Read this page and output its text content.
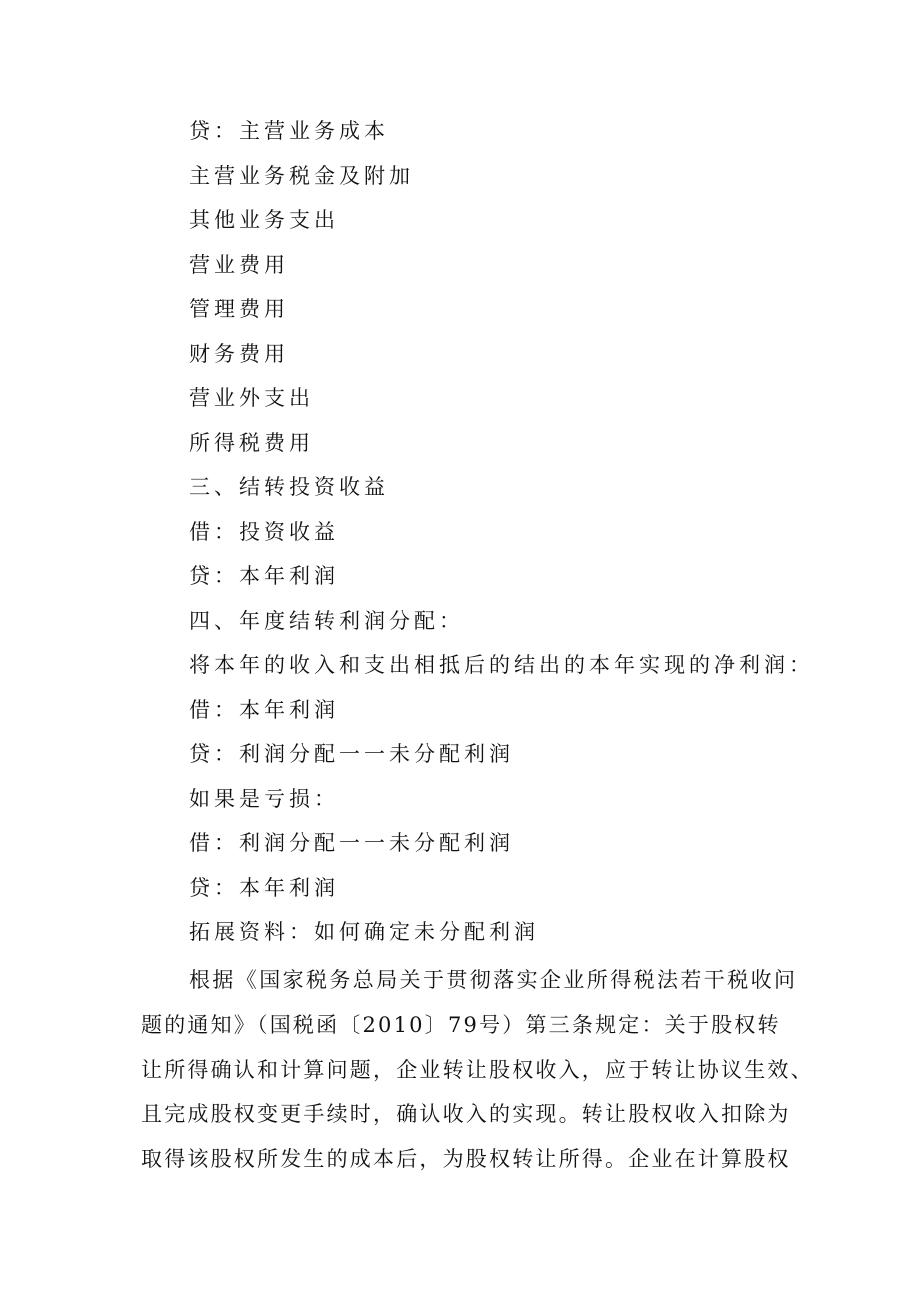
贷：主营业务成本
主营业务税金及附加
其他业务支出
营业费用
管理费用
财务费用
营业外支出
所得税费用
三、结转投资收益
借：投资收益
贷：本年利润
四、年度结转利润分配：
将本年的收入和支出相抵后的结出的本年实现的净利润：
借：本年利润
贷：利润分配一一未分配利润
如果是亏损：
借：利润分配一一未分配利润
贷：本年利润
拓展资料：如何确定未分配利润
根据《国家税务总局关于贯彻落实企业所得税法若干税收问
题的通知》（国税函〔2010〕79号）第三条规定：关于股权转
让所得确认和计算问题，企业转让股权收入，应于转让协议生效、
且完成股权变更手续时，确认收入的实现。转让股权收入扣除为
取得该股权所发生的成本后，为股权转让所得。企业在计算股权
